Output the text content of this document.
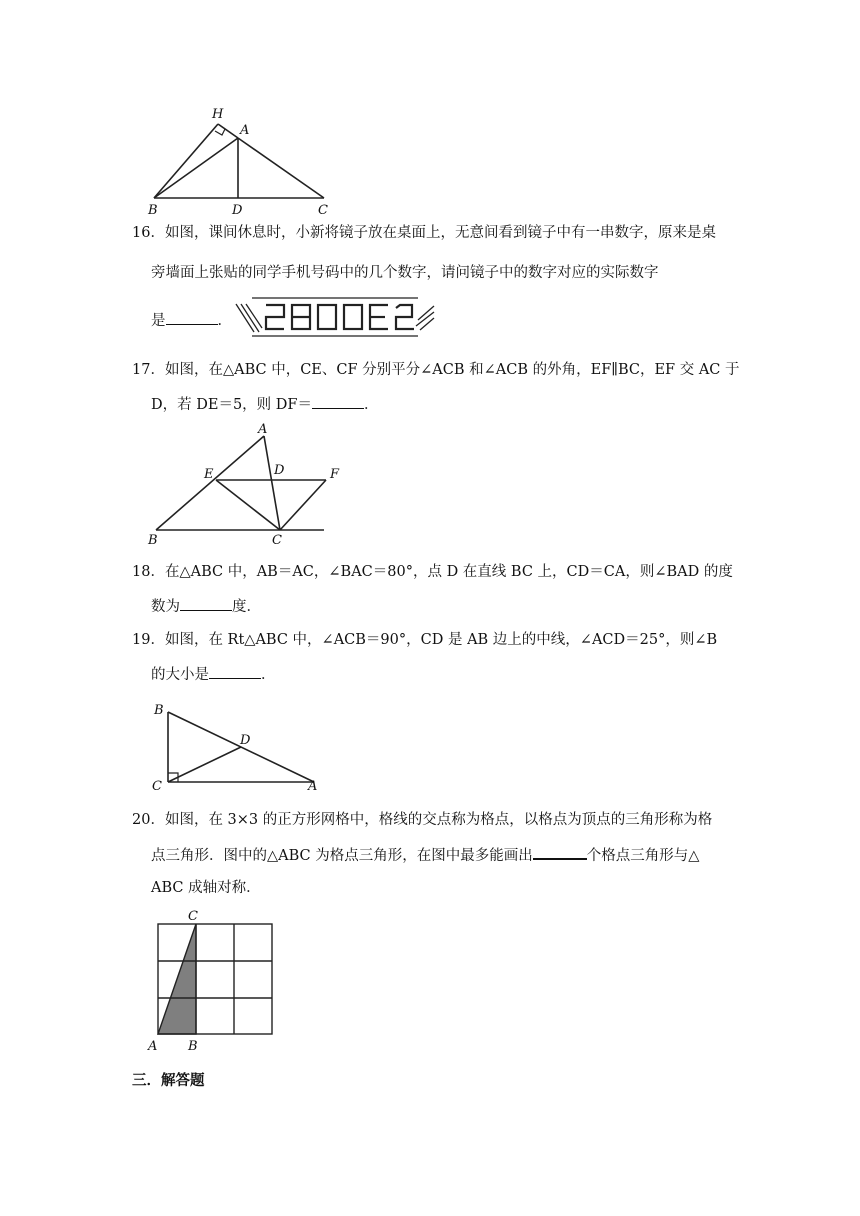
H
A
B	D	C
16．如图，课间休息时，小新将镜子放在桌面上，无意间看到镜子中有一串数字，原来是桌
旁墙面上张贴的同学手机号码中的几个数字，请问镜子中的数字对应的实际数字
是	．
17．如图，在△ABC 中，CE、CF 分别平分∠ACB 和∠ACB 的外角，EF∥BC，EF 交 AC 于
D，若 DE＝5，则 DF＝	．
A
E	D	F
B	C
18．在△ABC 中，AB＝AC，∠BAC＝80°，点 D 在直线 BC 上，CD＝CA，则∠BAD 的度
数为	度．
19．如图，在 Rt△ABC 中，∠ACB＝90°，CD 是 AB 边上的中线，∠ACD＝25°，则∠B
的大小是	．
B
D
C	A
20．如图，在 3×3 的正方形网格中，格线的交点称为格点，以格点为顶点的三角形称为格
点三角形．图中的△ABC 为格点三角形，在图中最多能画出	个格点三角形与△
ABC 成轴对称．
C
A B
三．解答题
